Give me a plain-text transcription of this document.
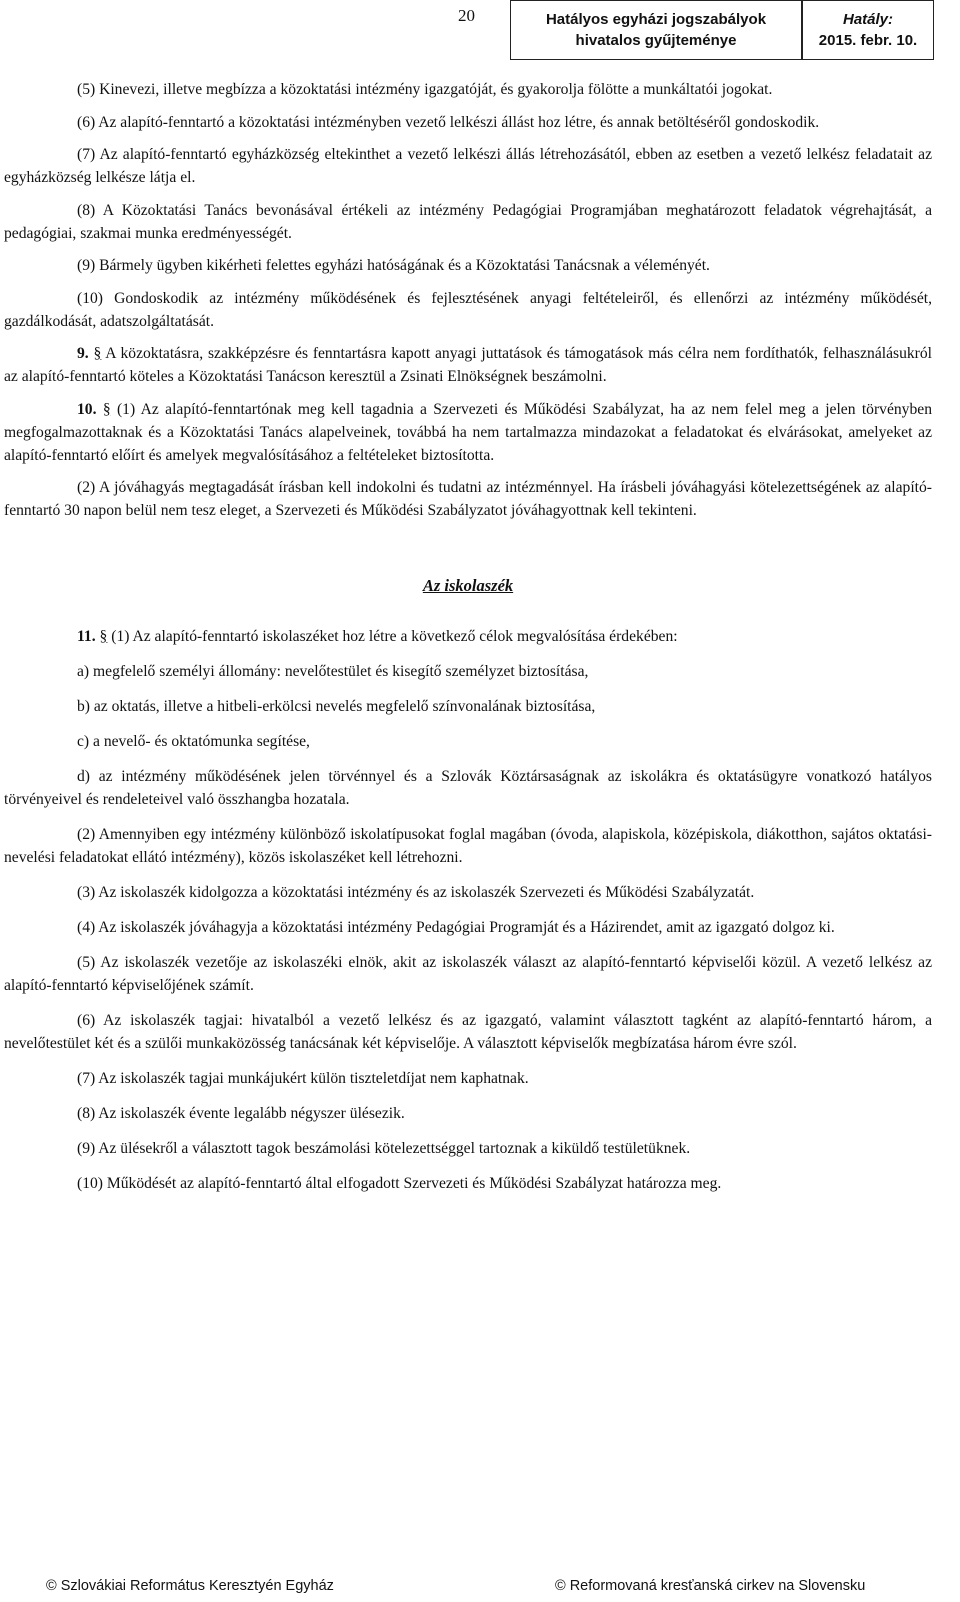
20	Hatályos egyházi jogszabályok
hivatalos gyűjteménye
Hatály:
2015. febr. 10.

(5) Kinevezi, illetve megbízza a közoktatási intézmény igazgatóját, és gyakorolja fölötte a munkáltatói jogokat.

(6) Az alapító-fenntartó a közoktatási intézményben vezető lelkészi állást hoz létre, és annak betöltéséről gondoskodik.

(7) Az alapító-fenntartó egyházközség eltekinthet a vezető lelkészi állás létrehozásától, ebben az esetben a vezető lelkész feladatait az egyházközség lelkésze látja el.

(8) A Közoktatási Tanács bevonásával értékeli az intézmény Pedagógiai Programjában meghatározott feladatok végrehajtását, a pedagógiai, szakmai munka eredményességét.

(9) Bármely ügyben kikérheti felettes egyházi hatóságának és a Közoktatási Tanácsnak a véleményét.

(10) Gondoskodik az intézmény működésének és fejlesztésének anyagi feltételeiről, és ellenőrzi az intézmény működését, gazdálkodását, adatszolgáltatását.

9. § A közoktatásra, szakképzésre és fenntartásra kapott anyagi juttatások és támogatások más célra nem fordíthatók, felhasználásukról az alapító-fenntartó köteles a Közoktatási Tanácson keresztül a Zsinati Elnökségnek beszámolni.

10. § (1) Az alapító-fenntartónak meg kell tagadnia a Szervezeti és Működési Szabályzat, ha az nem felel meg a jelen törvényben megfogalmazottaknak és a Közoktatási Tanács alapelveinek, továbbá ha nem tartalmazza mindazokat a feladatokat és elvárásokat, amelyeket az alapító-fenntartó előírt és amelyek megvalósításához a feltételeket biztosította.

(2) A jóváhagyás megtagadását írásban kell indokolni és tudatni az intézménnyel. Ha írásbeli jóváhagyási kötelezettségének az alapító-fenntartó 30 napon belül nem tesz eleget, a Szervezeti és Működési Szabályzatot jóváhagyottnak kell tekinteni.

Az iskolaszék

11. § (1) Az alapító-fenntartó iskolaszéket hoz létre a következő célok megvalósítása érdekében:

a) megfelelő személyi állomány: nevelőtestület és kisegítő személyzet biztosítása,

b) az oktatás, illetve a hitbeli-erkölcsi nevelés megfelelő színvonalának biztosítása,

c) a nevelő- és oktatómunka segítése,

d) az intézmény működésének jelen törvénnyel és a Szlovák Köztársaságnak az iskolákra és oktatásügyre vonatkozó hatályos törvényeivel és rendeleteivel való összhangba hozatala.

(2) Amennyiben egy intézmény különböző iskolatípusokat foglal magában (óvoda, alapiskola, középiskola, diákotthon, sajátos oktatási-nevelési feladatokat ellátó intézmény), közös iskolaszéket kell létrehozni.

(3) Az iskolaszék kidolgozza a közoktatási intézmény és az iskolaszék Szervezeti és Működési Szabályzatát.

(4) Az iskolaszék jóváhagyja a közoktatási intézmény Pedagógiai Programját és a Házirendet, amit az igazgató dolgoz ki.

(5) Az iskolaszék vezetője az iskolaszéki elnök, akit az iskolaszék választ az alapító-fenntartó képviselői közül. A vezető lelkész az alapító-fenntartó képviselőjének számít.

(6) Az iskolaszék tagjai: hivatalból a vezető lelkész és az igazgató, valamint választott tagként az alapító-fenntartó három, a nevelőtestület két és a szülői munkaközösség tanácsának két képviselője. A választott képviselők megbízatása három évre szól.

(7) Az iskolaszék tagjai munkájukért külön tiszteletdíjat nem kaphatnak.

(8) Az iskolaszék évente legalább négyszer ülésezik.

(9) Az ülésekről a választott tagok beszámolási kötelezettséggel tartoznak a kiküldő testületüknek.

(10) Működését az alapító-fenntartó által elfogadott Szervezeti és Működési Szabályzat határozza meg.

© Szlovákiai Református Keresztyén Egyház	© Reformovaná kresťanská cirkev na Slovensku
